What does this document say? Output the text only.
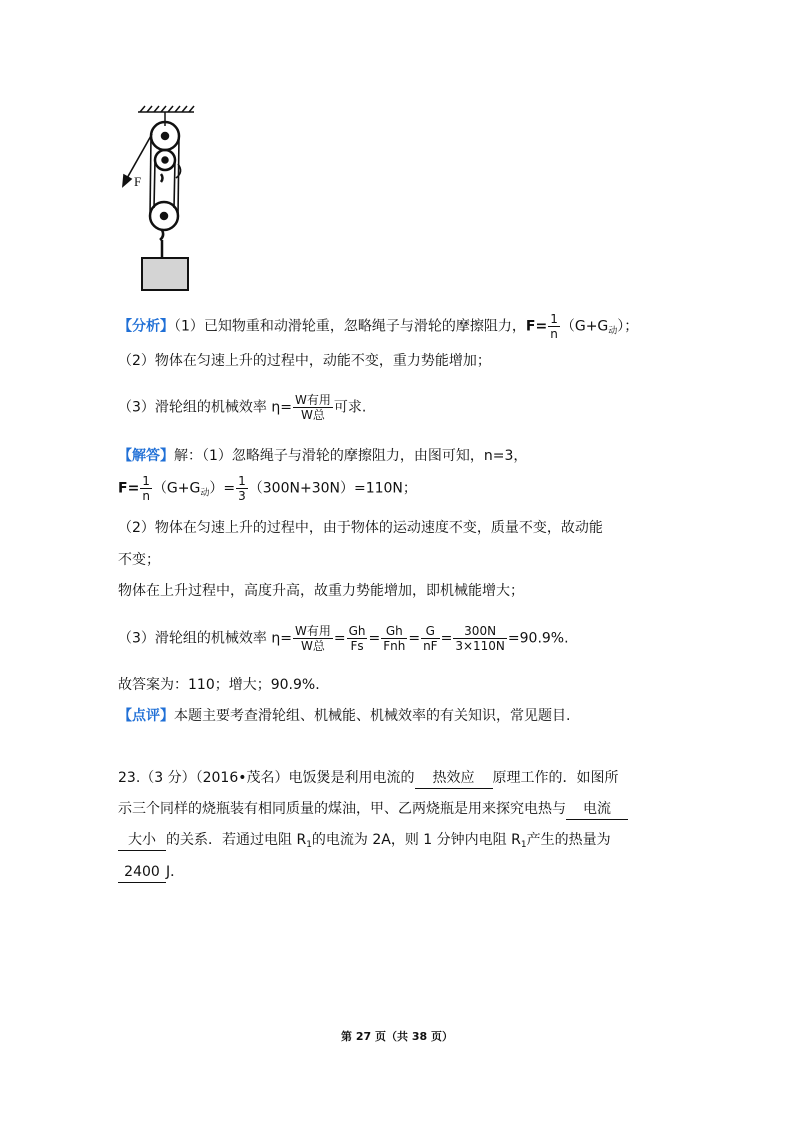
F
【分析】（1）已知物重和动滑轮重，忽略绳子与滑轮的摩擦阻力，$F= \frac{1}{n} (G+G_动)$；
（2）物体在匀速上升的过程中，动能不变，重力势能增加；
（3）滑轮组的机械效率 $\eta= \frac{\text{W有用}}{\text{W总}}$ 可求.
【解答】解：（1）忽略绳子与滑轮的摩擦阻力，由图可知，n=3，
$F= \frac{1}{n} (G+G_动)= \frac{1}{3} (300N+30N)=110N$；
（2）物体在匀速上升的过程中，由于物体的运动速度不变，质量不变，故动能
不变；
物体在上升过程中，高度升高，故重力势能增加，即机械能增大；
（3）滑轮组的机械效率 $\eta= \frac{\text{W有用}}{\text{W总}} = \frac{Gh}{Fs} = \frac{Gh}{\text{Fnh}} = \frac{G}{nF} = \frac{300N}{3\times 110N} =90.9\%$.
故答案为：110；增大；90.9%.
【点评】本题主要考查滑轮组、机械能、机械效率的有关知识，常见题目.
23.（3 分）（2016•茂名）电饭煲是利用电流的 热效应 原理工作的．如图所
示三个同样的烧瓶装有相同质量的煤油，甲、乙两烧瓶是用来探究电热与 电流
大小 的关系．若通过电阻 $R_1$的电流为 2A，则 1 分钟内电阻 $R_1$产生的热量为
2400 J．
第 27 页（共 38 页）
